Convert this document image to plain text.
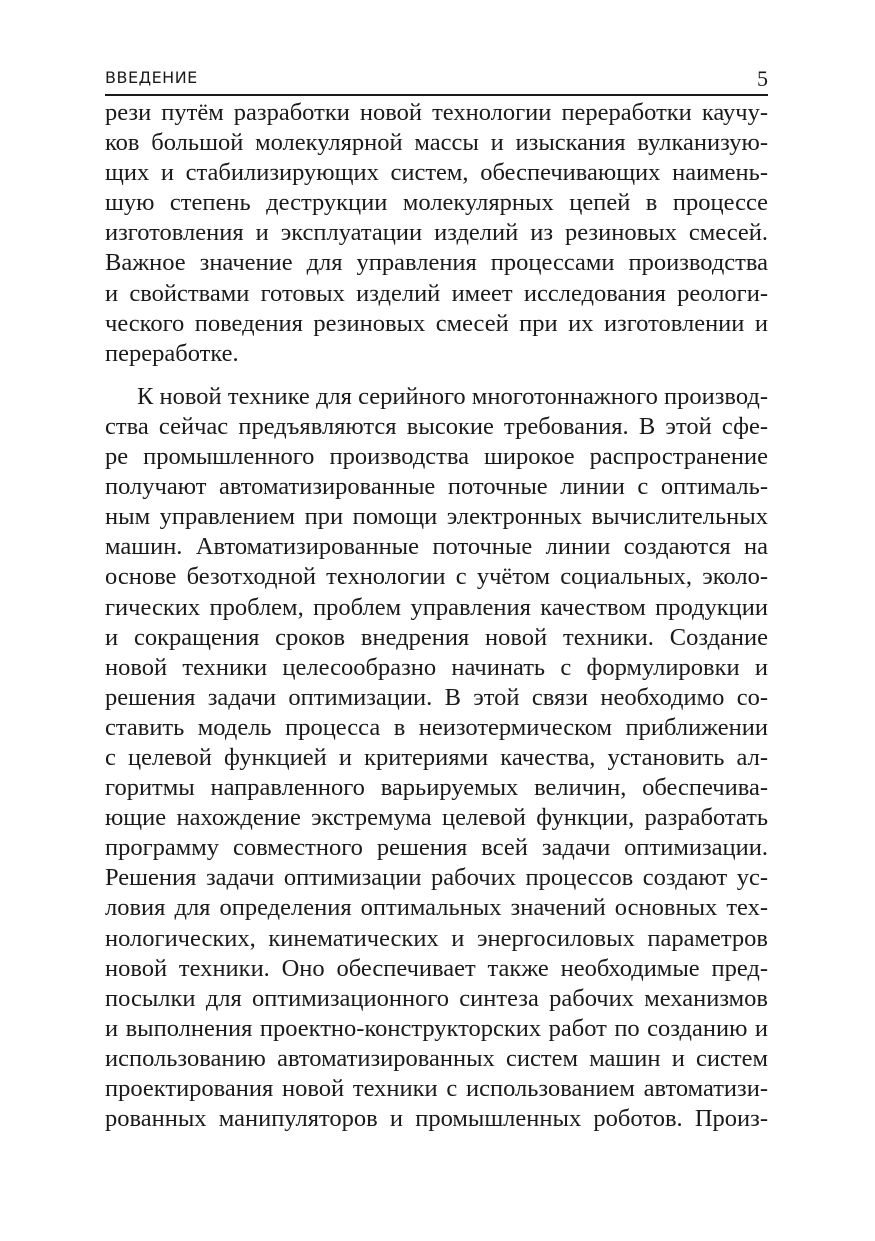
ВВЕДЕНИЕ	5
рези путём разработки новой технологии переработки каучу-
ков большой молекулярной массы и изыскания вулканизую-
щих и стабилизирующих систем, обеспечивающих наимень-
шую степень деструкции молекулярных цепей в процессе
изготовления и эксплуатации изделий из резиновых смесей.
Важное значение для управления процессами производства
и свойствами готовых изделий имеет исследования реологи-
ческого поведения резиновых смесей при их изготовлении и
переработке.
К новой технике для серийного многотоннажного производ-
ства сейчас предъявляются высокие требования. В этой сфе-
ре промышленного производства широкое распространение
получают автоматизированные поточные линии с оптималь-
ным управлением при помощи электронных вычислительных
машин. Автоматизированные поточные линии создаются на
основе безотходной технологии с учётом социальных, эколо-
гических проблем, проблем управления качеством продукции
и сокращения сроков внедрения новой техники. Создание
новой техники целесообразно начинать с формулировки и
решения задачи оптимизации. В этой связи необходимо со-
ставить модель процесса в неизотермическом приближении
с целевой функцией и критериями качества, установить ал-
горитмы направленного варьируемых величин, обеспечива-
ющие нахождение экстремума целевой функции, разработать
программу совместного решения всей задачи оптимизации.
Решения задачи оптимизации рабочих процессов создают ус-
ловия для определения оптимальных значений основных тех-
нологических, кинематических и энергосиловых параметров
новой техники. Оно обеспечивает также необходимые пред-
посылки для оптимизационного синтеза рабочих механизмов
и выполнения проектно-конструкторских работ по созданию и
использованию автоматизированных систем машин и систем
проектирования новой техники с использованием автоматизи-
рованных манипуляторов и промышленных роботов. Произ-
